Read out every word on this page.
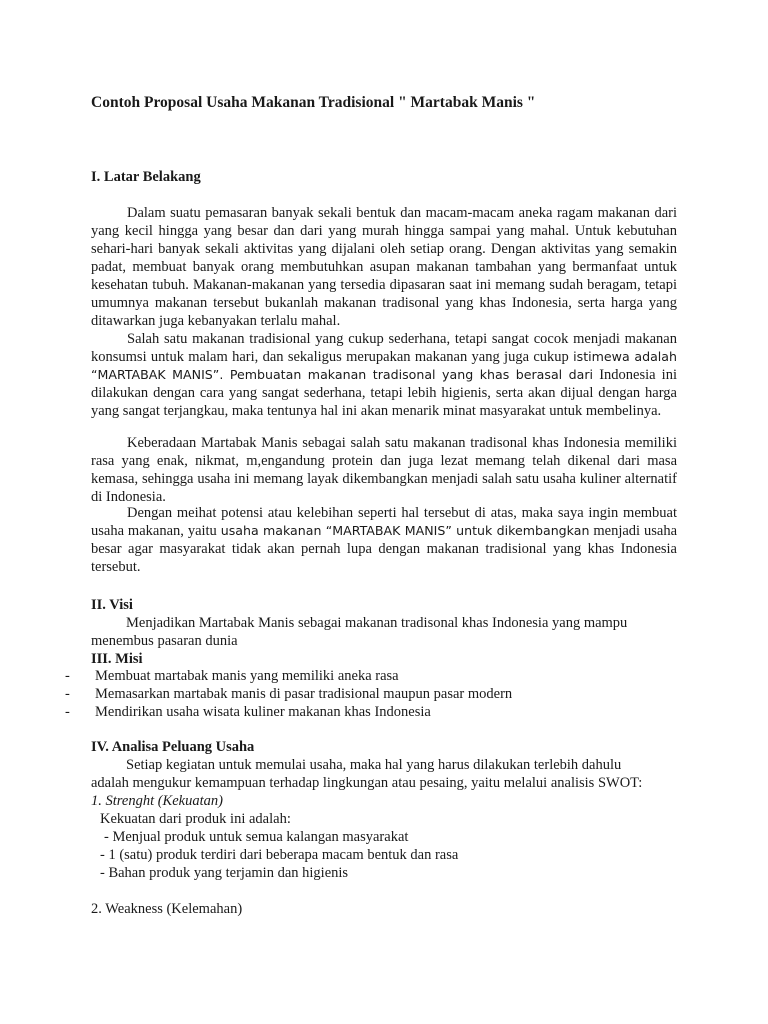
Contoh Proposal Usaha Makanan Tradisional " Martabak Manis "
I. Latar Belakang
Dalam suatu pemasaran banyak sekali bentuk dan macam-macam aneka ragam makanan dari yang kecil hingga yang besar dan dari yang murah hingga sampai yang mahal. Untuk kebutuhan sehari-hari banyak sekali aktivitas yang dijalani oleh setiap orang. Dengan aktivitas yang semakin padat, membuat banyak orang membutuhkan asupan makanan tambahan yang bermanfaat untuk kesehatan tubuh. Makanan-makanan yang tersedia dipasaran saat ini memang sudah beragam, tetapi umumnya makanan tersebut bukanlah makanan tradisonal yang khas Indonesia, serta harga yang ditawarkan juga kebanyakan terlalu mahal.
Salah satu makanan tradisional yang cukup sederhana, tetapi sangat cocok menjadi makanan konsumsi untuk malam hari, dan sekaligus merupakan makanan yang juga cukup istimewa adalah “MARTABAK MANIS”. Pembuatan makanan tradisonal yang khas berasal dari Indonesia ini dilakukan dengan cara yang sangat sederhana, tetapi lebih higienis, serta akan dijual dengan harga yang sangat terjangkau, maka tentunya hal ini akan menarik minat masyarakat untuk membelinya.
Keberadaan Martabak Manis sebagai salah satu makanan tradisonal khas Indonesia memiliki rasa yang enak, nikmat, m,engandung protein dan juga lezat memang telah dikenal dari masa kemasa, sehingga usaha ini memang layak dikembangkan menjadi salah satu usaha kuliner alternatif di Indonesia.
Dengan meihat potensi atau kelebihan seperti hal tersebut di atas, maka saya ingin membuat usaha makanan, yaitu usaha makanan “MARTABAK MANIS” untuk dikembangkan menjadi usaha besar agar masyarakat tidak akan pernah lupa dengan makanan tradisional yang khas Indonesia tersebut.
II. Visi
Menjadikan Martabak Manis sebagai makanan tradisonal khas Indonesia yang mampu
menembus pasaran dunia
III. Misi
- Membuat martabak manis yang memiliki aneka rasa
- Memasarkan martabak manis di pasar tradisional maupun pasar modern
- Mendirikan usaha wisata kuliner makanan khas Indonesia
IV. Analisa Peluang Usaha
Setiap kegiatan untuk memulai usaha, maka hal yang harus dilakukan terlebih dahulu
adalah mengukur kemampuan terhadap lingkungan atau pesaing, yaitu melalui analisis SWOT:
1. Strenght (Kekuatan)
Kekuatan dari produk ini adalah:
- Menjual produk untuk semua kalangan masyarakat
- 1 (satu) produk terdiri dari beberapa macam bentuk dan rasa
- Bahan produk yang terjamin dan higienis
2. Weakness (Kelemahan)
